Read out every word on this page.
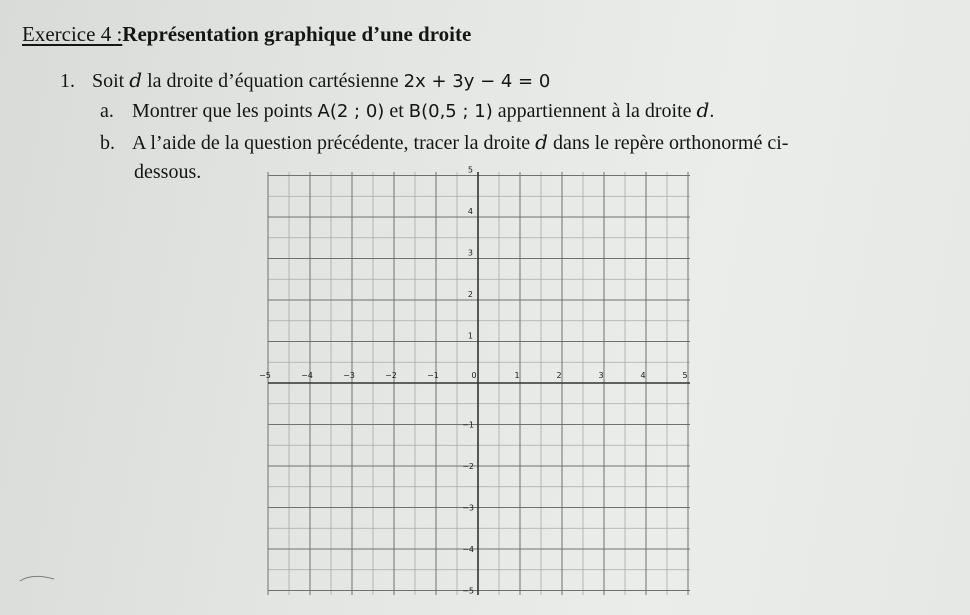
Exercice 4 :Représentation graphique d’une droite
1. Soit d la droite d’équation cartésienne 2x + 3y − 4 = 0
a. Montrer que les points A(2 ; 0) et B(0,5 ; 1) appartiennent à la droite d.
b. A l’aide de la question précédente, tracer la droite d dans le repère orthonormé ci-
dessous.
−5	−4	−3	−2	−1	0	1	2	3	4	5
5
4
3
2
1
−1
−2
−3
−4
−5
